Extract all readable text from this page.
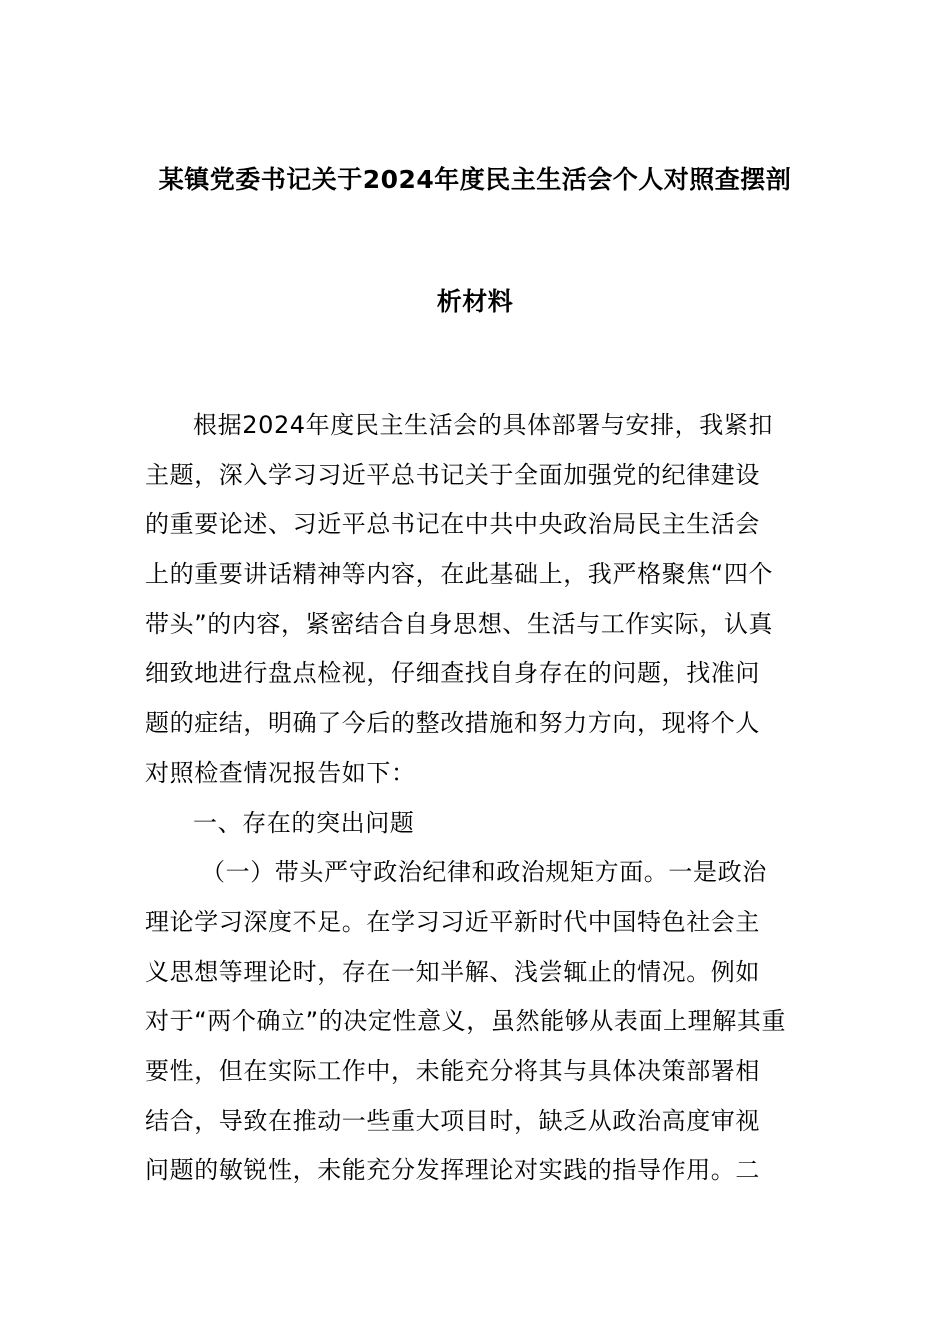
某镇党委书记关于2024年度民主生活会个人对照查摆剖
析材料
根据2024年度民主生活会的具体部署与安排，我紧扣
主题，深入学习习近平总书记关于全面加强党的纪律建设
的重要论述、习近平总书记在中共中央政治局民主生活会
上的重要讲话精神等内容，在此基础上，我严格聚焦“四个
带头”的内容，紧密结合自身思想、生活与工作实际，认真
细致地进行盘点检视，仔细查找自身存在的问题，找准问
题的症结，明确了今后的整改措施和努力方向，现将个人
对照检查情况报告如下：
一、存在的突出问题
（一）带头严守政治纪律和政治规矩方面。一是政治
理论学习深度不足。在学习习近平新时代中国特色社会主
义思想等理论时，存在一知半解、浅尝辄止的情况。例如
对于“两个确立”的决定性意义，虽然能够从表面上理解其重
要性，但在实际工作中，未能充分将其与具体决策部署相
结合，导致在推动一些重大项目时，缺乏从政治高度审视
问题的敏锐性，未能充分发挥理论对实践的指导作用。二
